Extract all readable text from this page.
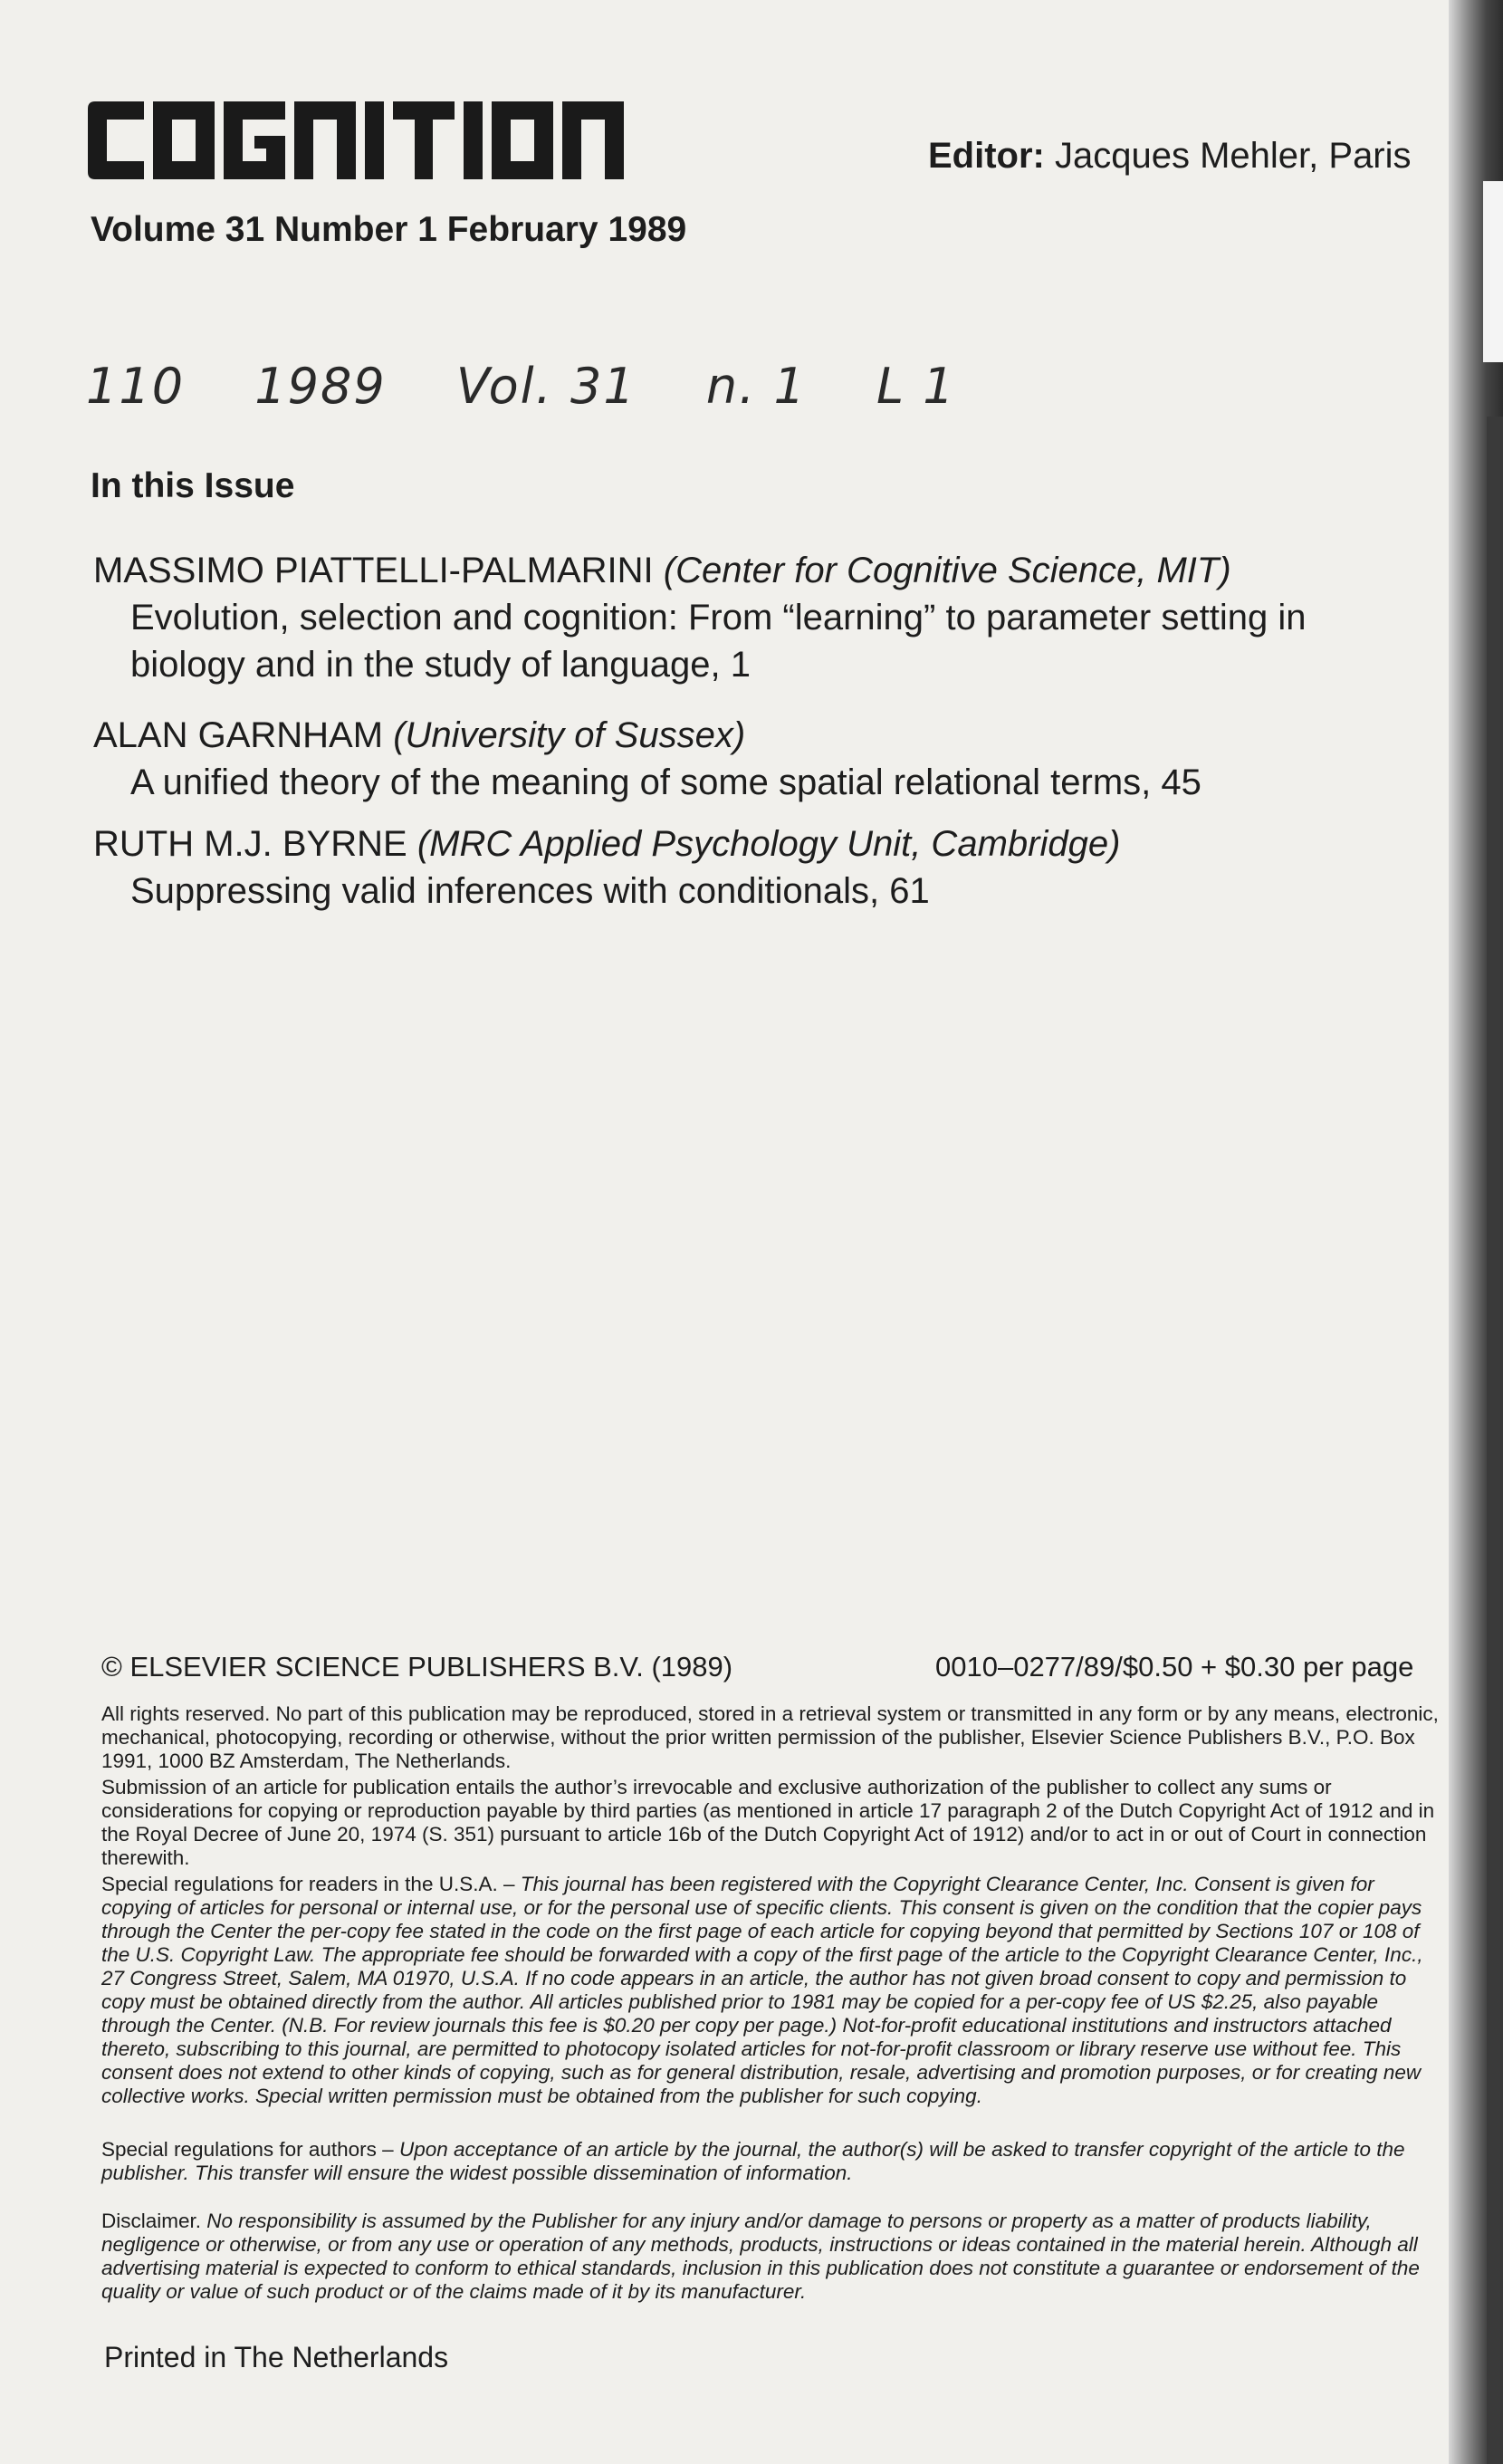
Editor: Jacques Mehler, Paris
Volume 31 Number 1 February 1989
110 1989 Vol. 31 n. 1 L 1
In this Issue
MASSIMO PIATTELLI-PALMARINI (Center for Cognitive Science, MIT)
Evolution, selection and cognition: From “learning” to parameter setting in
biology and in the study of language, 1
ALAN GARNHAM (University of Sussex)
A unified theory of the meaning of some spatial relational terms, 45
RUTH M.J. BYRNE (MRC Applied Psychology Unit, Cambridge)
Suppressing valid inferences with conditionals, 61
© ELSEVIER SCIENCE PUBLISHERS B.V. (1989)	0010–0277/89/$0.50 + $0.30 per page
All rights reserved. No part of this publication may be reproduced, stored in a retrieval system or transmitted in any form or by any means, electronic, mechanical, photocopying, recording or otherwise, without the prior written permission of the publisher, Elsevier Science Publishers B.V., P.O. Box 1991, 1000 BZ Amsterdam, The Netherlands.
Submission of an article for publication entails the author’s irrevocable and exclusive authorization of the publisher to collect any sums or considerations for copying or reproduction payable by third parties (as mentioned in article 17 paragraph 2 of the Dutch Copyright Act of 1912 and in the Royal Decree of June 20, 1974 (S. 351) pursuant to article 16b of the Dutch Copyright Act of 1912) and/or to act in or out of Court in connection therewith.
Special regulations for readers in the U.S.A. – This journal has been registered with the Copyright Clearance Center, Inc. Consent is given for copying of articles for personal or internal use, or for the personal use of specific clients. This consent is given on the condition that the copier pays through the Center the per-copy fee stated in the code on the first page of each article for copying beyond that permitted by Sections 107 or 108 of the U.S. Copyright Law. The appropriate fee should be forwarded with a copy of the first page of the article to the Copyright Clearance Center, Inc., 27 Congress Street, Salem, MA 01970, U.S.A. If no code appears in an article, the author has not given broad consent to copy and permission to copy must be obtained directly from the author. All articles published prior to 1981 may be copied for a per-copy fee of US $2.25, also payable through the Center. (N.B. For review journals this fee is $0.20 per copy per page.) Not-for-profit educational institutions and instructors attached thereto, subscribing to this journal, are permitted to photocopy isolated articles for not-for-profit classroom or library reserve use without fee. This consent does not extend to other kinds of copying, such as for general distribution, resale, advertising and promotion purposes, or for creating new collective works. Special written permission must be obtained from the publisher for such copying.
Special regulations for authors – Upon acceptance of an article by the journal, the author(s) will be asked to transfer copyright of the article to the publisher. This transfer will ensure the widest possible dissemination of information.
Disclaimer. No responsibility is assumed by the Publisher for any injury and/or damage to persons or property as a matter of products liability, negligence or otherwise, or from any use or operation of any methods, products, instructions or ideas contained in the material herein. Although all advertising material is expected to conform to ethical standards, inclusion in this publication does not constitute a guarantee or endorsement of the quality or value of such product or of the claims made of it by its manufacturer.
Printed in The Netherlands
